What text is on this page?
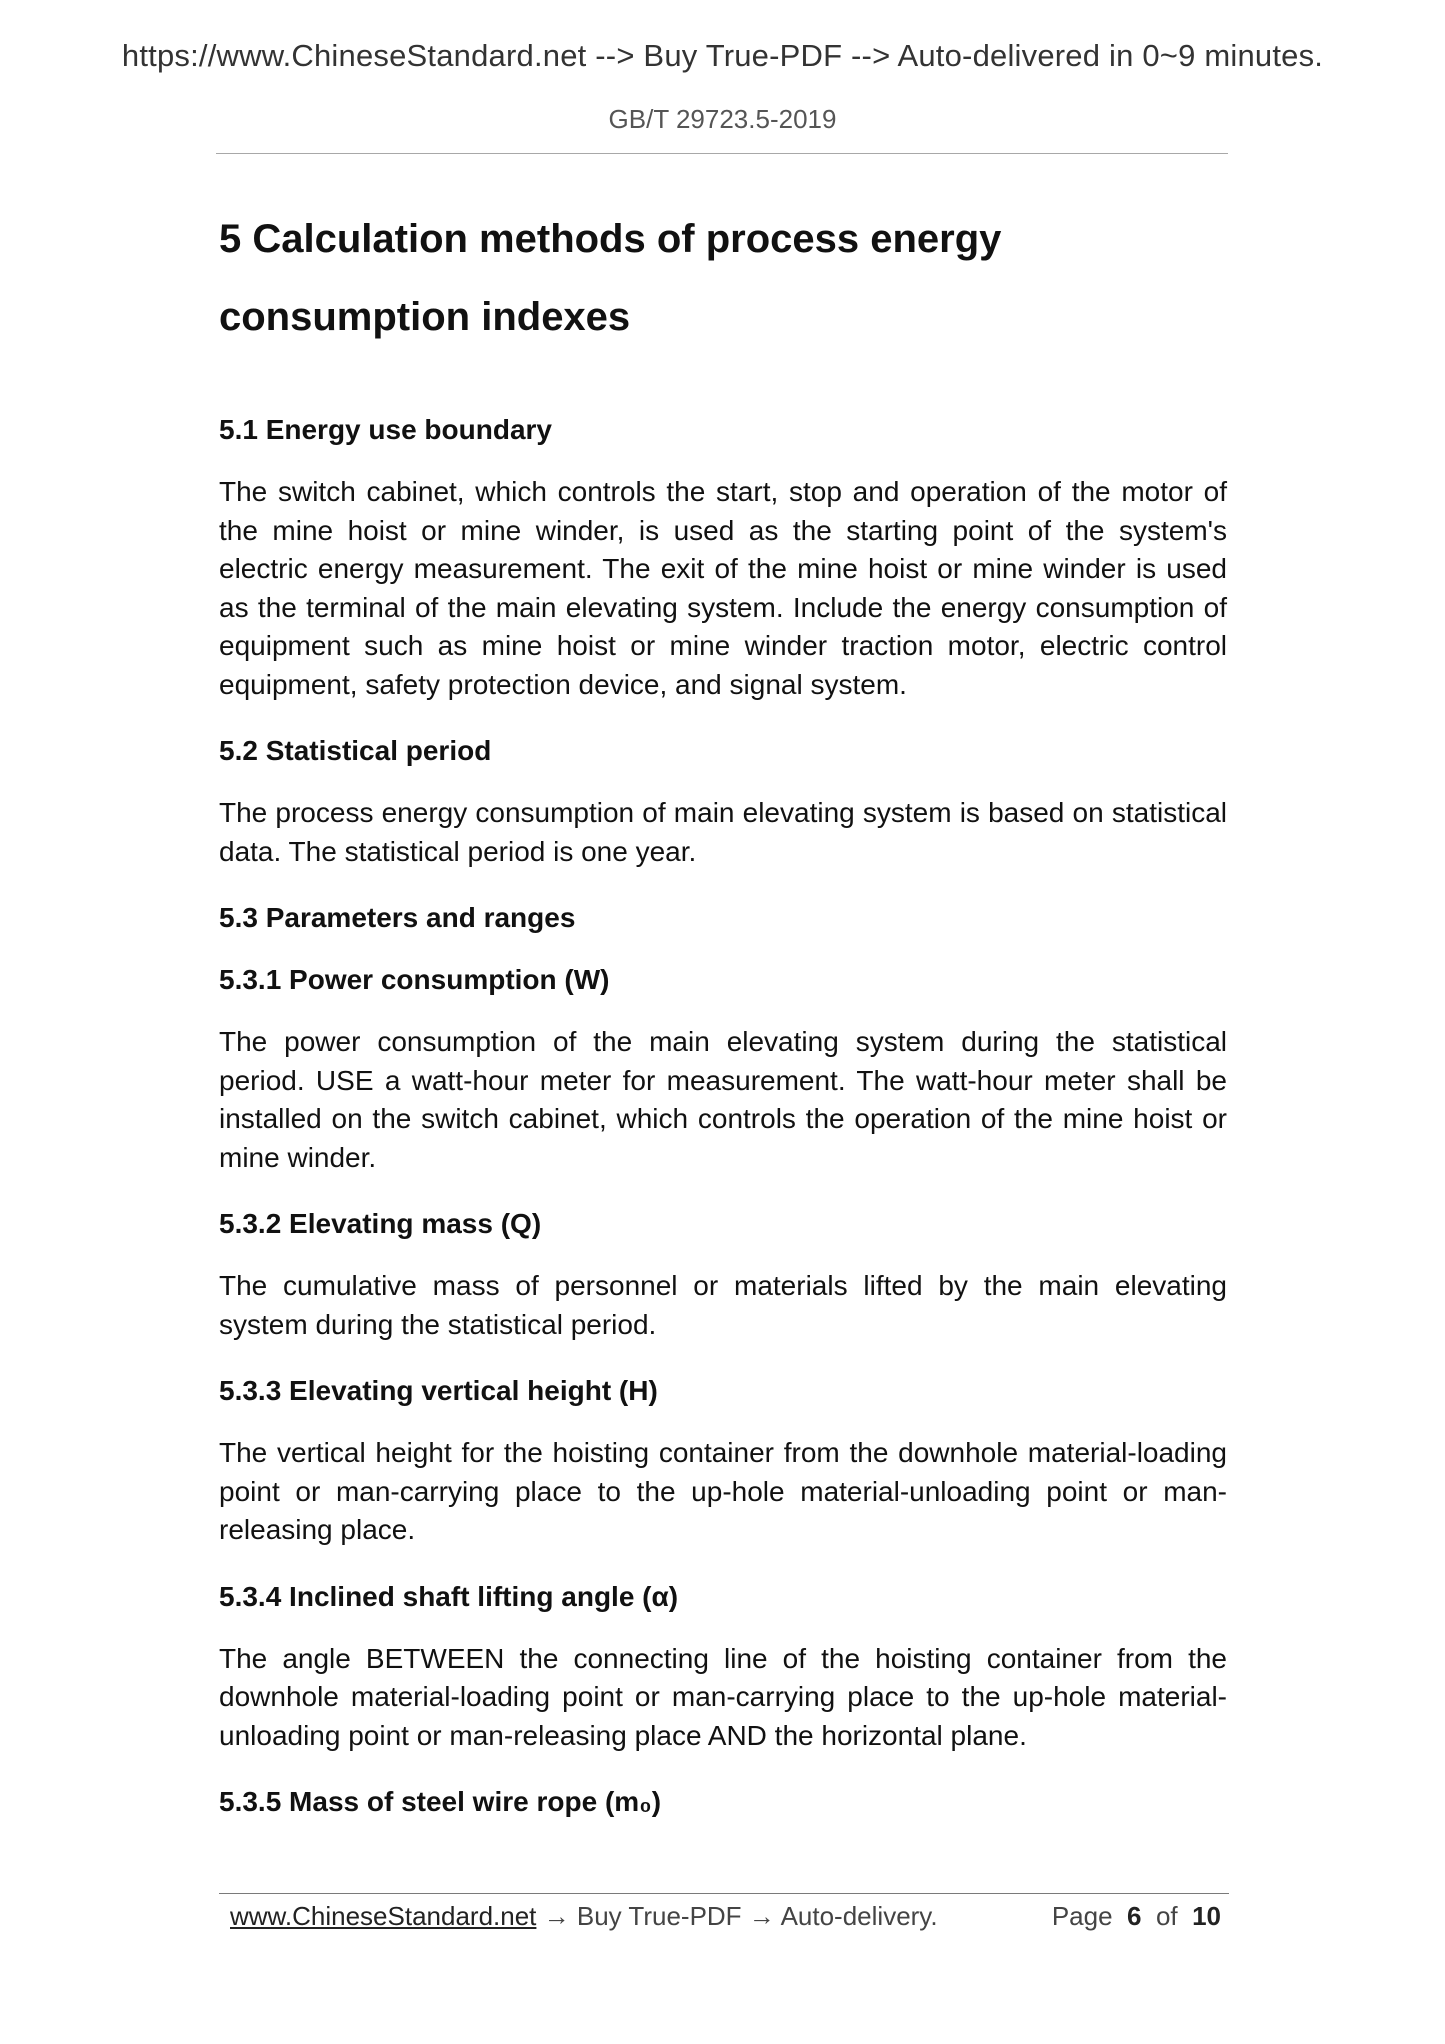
https://www.ChineseStandard.net --> Buy True-PDF --> Auto-delivered in 0~9 minutes.
GB/T 29723.5-2019
5 Calculation methods of process energy consumption indexes
5.1 Energy use boundary

The switch cabinet, which controls the start, stop and operation of the motor of the mine hoist or mine winder, is used as the starting point of the system's electric energy measurement. The exit of the mine hoist or mine winder is used as the terminal of the main elevating system. Include the energy consumption of equipment such as mine hoist or mine winder traction motor, electric control equipment, safety protection device, and signal system.

5.2 Statistical period

The process energy consumption of main elevating system is based on statistical data. The statistical period is one year.

5.3 Parameters and ranges
5.3.1 Power consumption (W)

The power consumption of the main elevating system during the statistical period. USE a watt-hour meter for measurement. The watt-hour meter shall be installed on the switch cabinet, which controls the operation of the mine hoist or mine winder.

5.3.2 Elevating mass (Q)

The cumulative mass of personnel or materials lifted by the main elevating system during the statistical period.

5.3.3 Elevating vertical height (H)

The vertical height for the hoisting container from the downhole material-loading point or man-carrying place to the up-hole material-unloading point or man-releasing place.

5.3.4 Inclined shaft lifting angle (α)

The angle BETWEEN the connecting line of the hoisting container from the downhole material-loading point or man-carrying place to the up-hole material-unloading point or man-releasing place AND the horizontal plane.

5.3.5 Mass of steel wire rope (m₀)
www.ChineseStandard.net → Buy True-PDF → Auto-delivery.	Page 6 of 10
